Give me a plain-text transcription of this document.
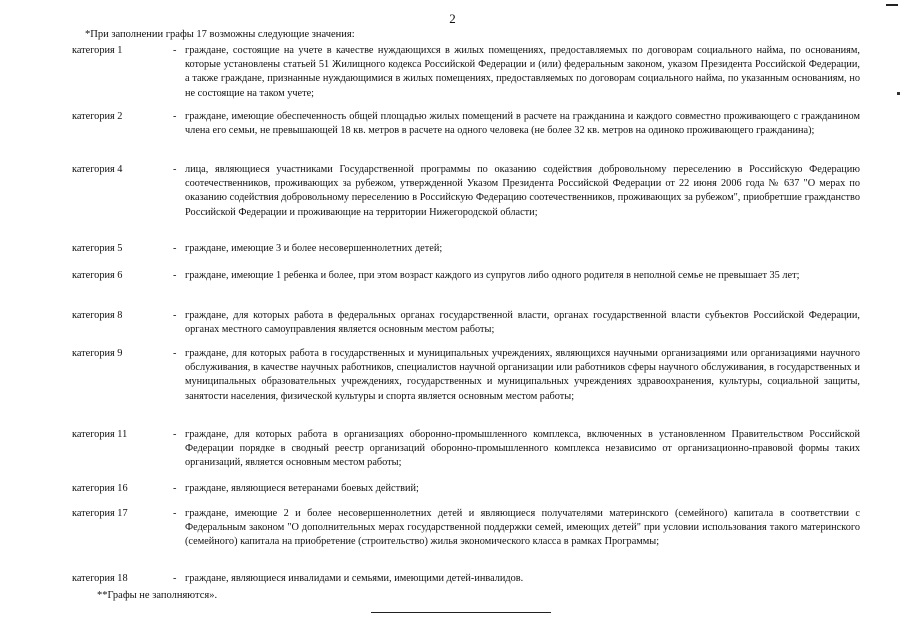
2
*При заполнении графы 17 возможны следующие значения:
категория 1	- граждане, состоящие на учете в качестве нуждающихся в жилых помещениях, предоставляемых по договорам социального найма, по основаниям, которые установлены статьей 51 Жилищного кодекса Российской Федерации и (или) федеральным законом, указом Президента Российской Федерации, а также граждане, признанные нуждающимися в жилых помещениях, предоставляемых по договорам социального найма, по указанным основаниям, но не состоящие на таком учете;
категория 2	- граждане, имеющие обеспеченность общей площадью жилых помещений в расчете на гражданина и каждого совместно проживающего с гражданином члена его семьи, не превышающей 18 кв. метров в расчете на одного человека (не более 32 кв. метров на одиноко проживающего гражданина);
категория 4	- лица, являющиеся участниками Государственной программы по оказанию содействия добровольному переселению в Российскую Федерацию соотечественников, проживающих за рубежом, утвержденной Указом Президента Российской Федерации от 22 июня 2006 года № 637 "О мерах по оказанию содействия добровольному переселению в Российскую Федерацию соотечественников, проживающих за рубежом", приобретшие гражданство Российской Федерации и проживающие на территории Нижегородской области;
категория 5	- граждане, имеющие 3 и более несовершеннолетних детей;
категория 6	- граждане, имеющие 1 ребенка и более, при этом возраст каждого из супругов либо одного родителя в неполной семье не превышает 35 лет;
категория 8	- граждане, для которых работа в федеральных органах государственной власти, органах государственной власти субъектов Российской Федерации, органах местного самоуправления является основным местом работы;
категория 9	- граждане, для которых работа в государственных и муниципальных учреждениях, являющихся научными организациями или организациями научного обслуживания, в качестве научных работников, специалистов научной организации или работников сферы научного обслуживания, в государственных и муниципальных образовательных учреждениях, государственных и муниципальных учреждениях здравоохранения, культуры, социальной защиты, занятости населения, физической культуры и спорта является основным местом работы;
категория 11	- граждане, для которых работа в организациях оборонно-промышленного комплекса, включенных в установленном Правительством Российской Федерации порядке в сводный реестр организаций оборонно-промышленного комплекса независимо от организационно-правовой формы таких организаций, является основным местом работы;
категория 16	- граждане, являющиеся ветеранами боевых действий;
категория 17	- граждане, имеющие 2 и более несовершеннолетних детей и являющиеся получателями материнского (семейного) капитала в соответствии с Федеральным законом "О дополнительных мерах государственной поддержки семей, имеющих детей" при условии использования такого материнского (семейного) капитала на приобретение (строительство) жилья экономического класса в рамках Программы;
категория 18	- граждане, являющиеся инвалидами и семьями, имеющими детей-инвалидов.
**Графы не заполняются».
